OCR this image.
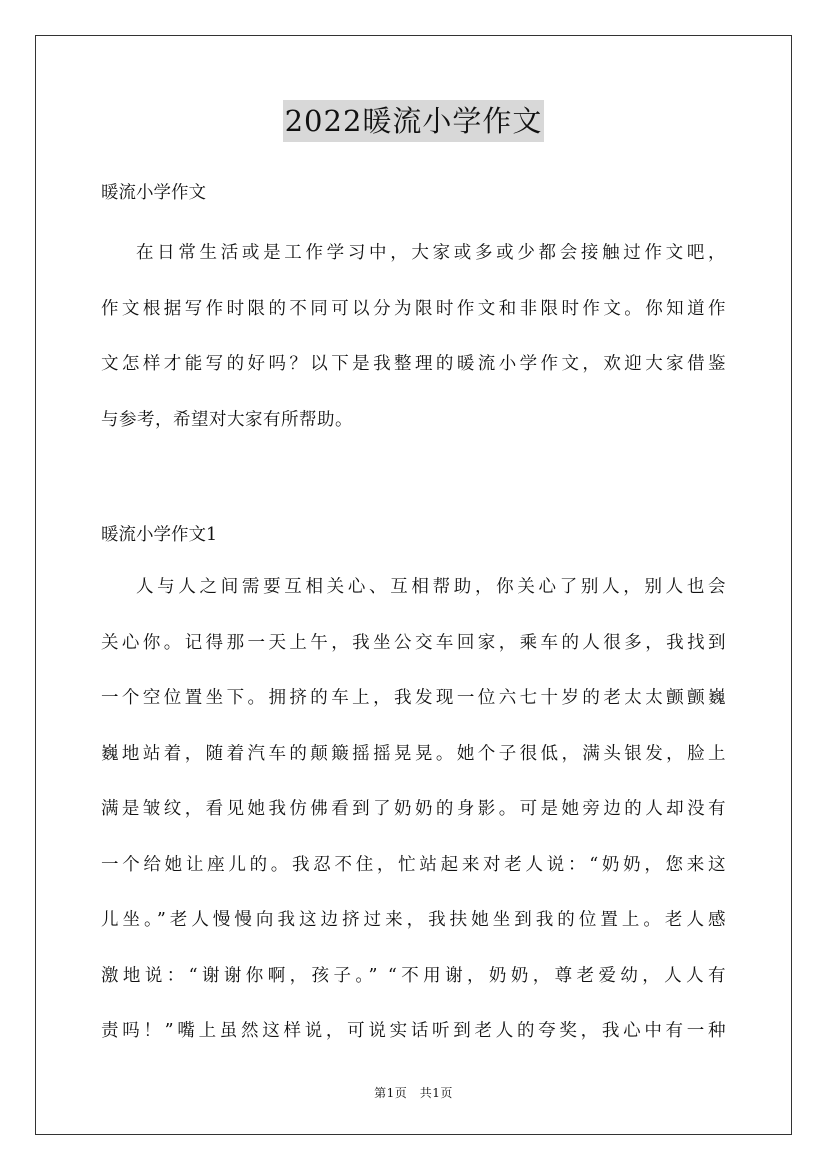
2022暖流小学作文

暖流小学作文

在日常生活或是工作学习中，大家或多或少都会接触过作文吧，
作文根据写作时限的不同可以分为限时作文和非限时作文。你知道作
文怎样才能写的好吗？以下是我整理的暖流小学作文，欢迎大家借鉴
与参考，希望对大家有所帮助。

暖流小学作文1

人与人之间需要互相关心、互相帮助，你关心了别人，别人也会
关心你。记得那一天上午，我坐公交车回家，乘车的人很多，我找到
一个空位置坐下。拥挤的车上，我发现一位六七十岁的老太太颤颤巍
巍地站着，随着汽车的颠簸摇摇晃晃。她个子很低，满头银发，脸上
满是皱纹，看见她我仿佛看到了奶奶的身影。可是她旁边的人却没有
一个给她让座儿的。我忍不住，忙站起来对老人说：“奶奶，您来这
儿坐。”老人慢慢向我这边挤过来，我扶她坐到我的位置上。老人感
激地说：“谢谢你啊，孩子。” “不用谢，奶奶，尊老爱幼，人人有
责吗！”嘴上虽然这样说，可说实话听到老人的夸奖，我心中有一种

第1页　共1页
